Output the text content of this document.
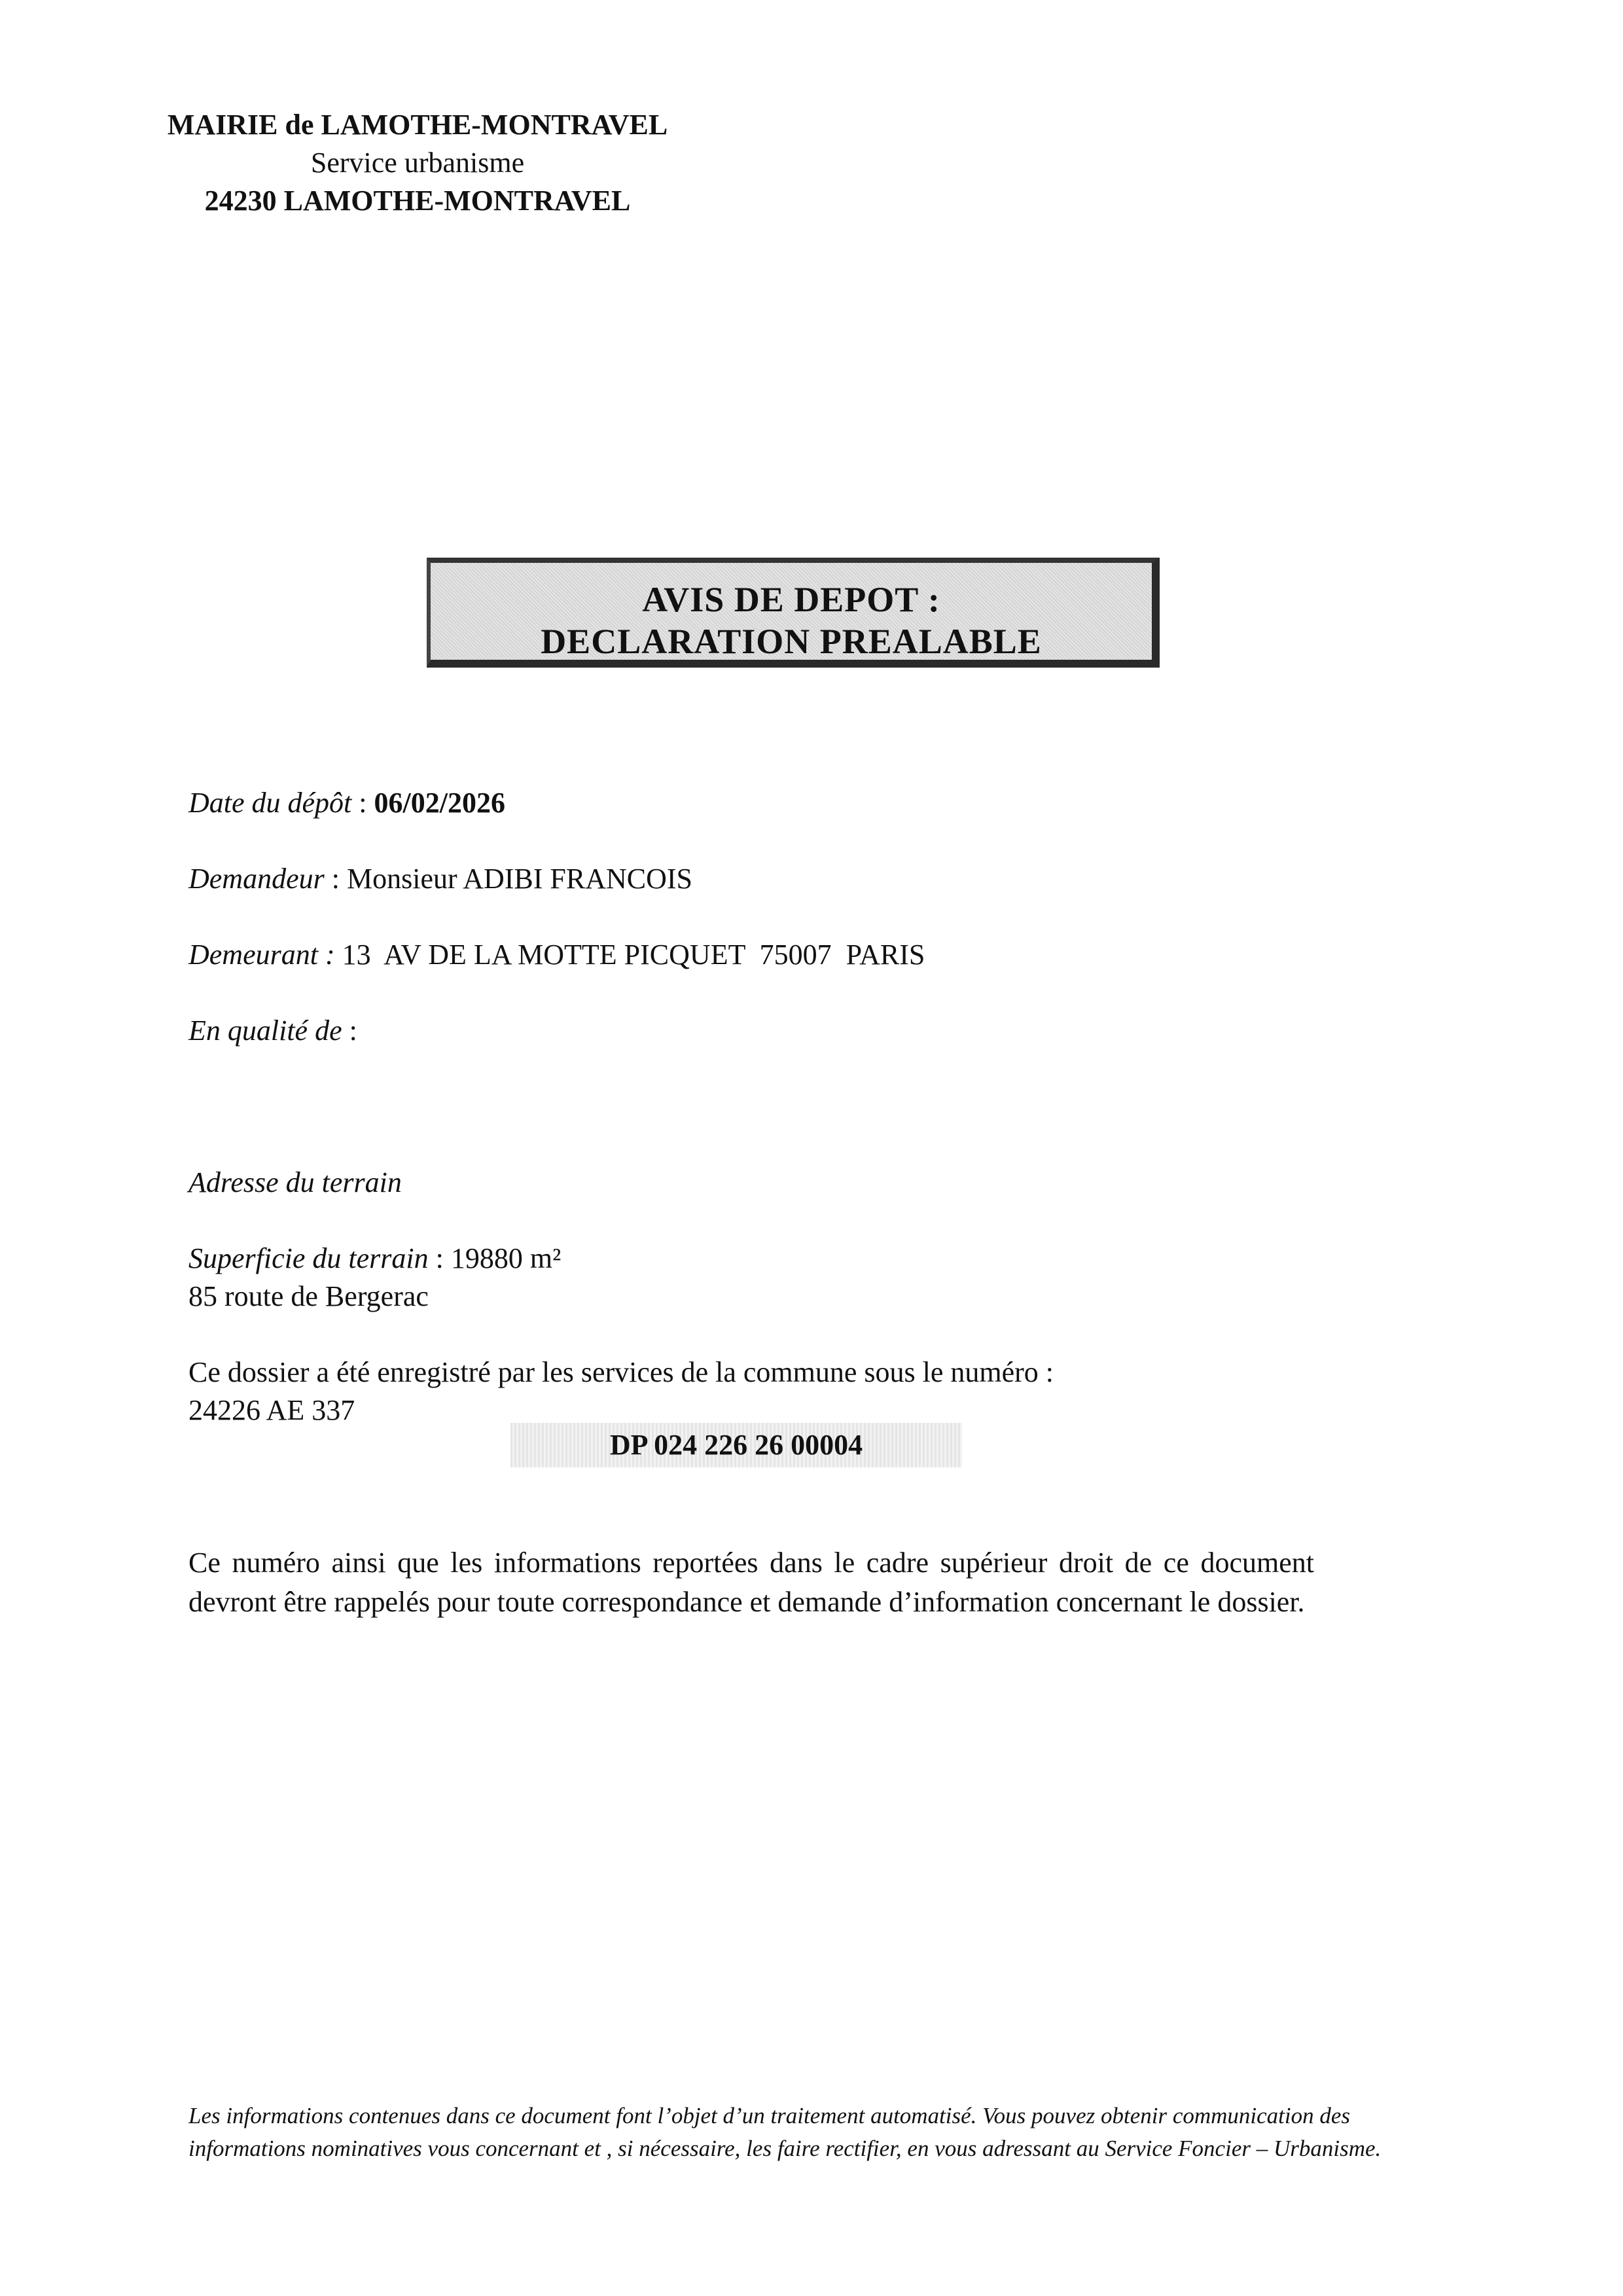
MAIRIE de LAMOTHE-MONTRAVEL
Service urbanisme
24230 LAMOTHE-MONTRAVEL
AVIS DE DEPOT :
DECLARATION PREALABLE
Date du dépôt : 06/02/2026
Demandeur : Monsieur ADIBI FRANCOIS
Demeurant : 13  AV DE LA MOTTE PICQUET  75007  PARIS
En qualité de :

Adresse du terrain

85 route de Bergerac

24226 AE 337

Superficie du terrain : 19880 m²
Ce dossier a été enregistré par les services de la commune sous le numéro :
DP 024 226 26 00004
Ce numéro ainsi que les informations reportées dans le cadre supérieur droit de ce document devront être rappelés pour toute correspondance et demande d’information concernant le dossier.
Les informations contenues dans ce document font l’objet d’un traitement automatisé. Vous pouvez obtenir communication des informations nominatives vous concernant et , si nécessaire, les faire rectifier, en vous adressant au Service Foncier – Urbanisme.
